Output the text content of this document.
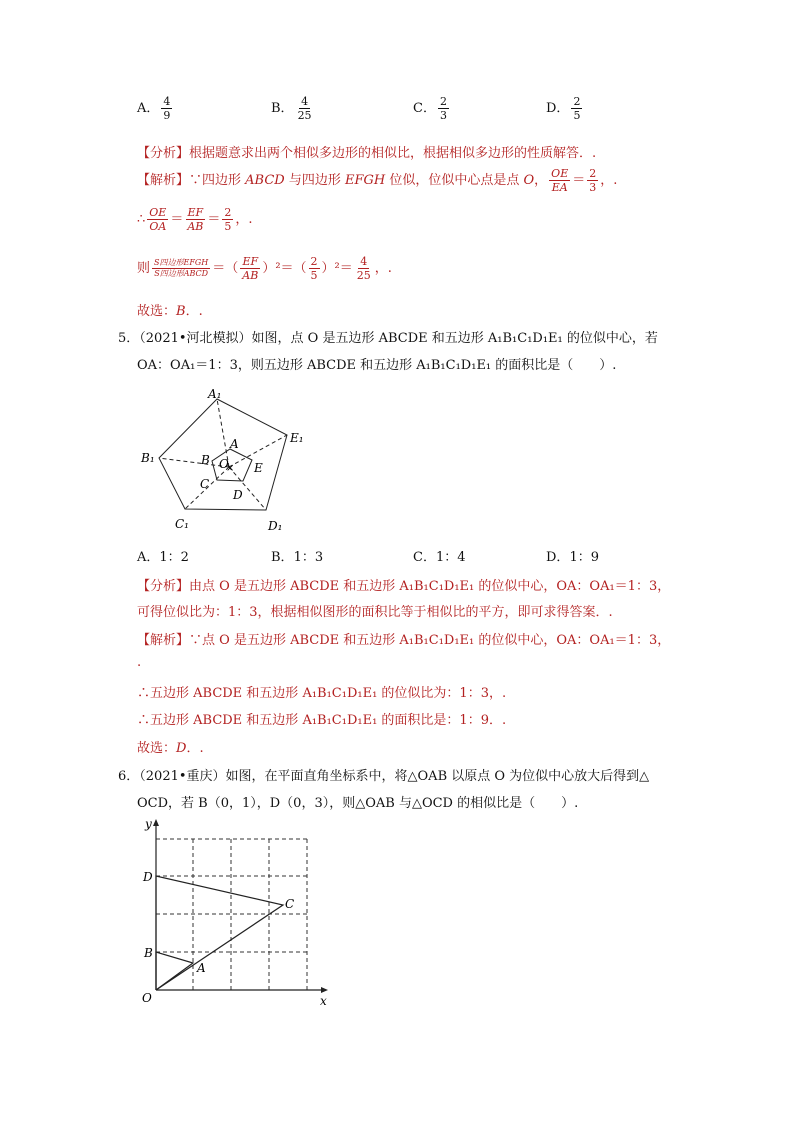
A． $\frac{4}{9}$	B． $\frac{4}{25}$	C． $\frac{2}{3}$	D． $\frac{2}{5}$
【分析】根据题意求出两个相似多边形的相似比，根据相似多边形的性质解答．.
【解析】∵四边形 ABCD 与四边形 EFGH 位似，位似中心点是点 O， $\frac{OE}{EA} = \frac{2}{3}$ ，.
∴ $\frac{OE}{OA} = \frac{EF}{AB} = \frac{2}{5}$ ，.
则 $\frac{\text{S四边形EFGH}}{\text{S四边形ABCD}}$ ＝（ $\frac{EF}{AB} )^2=( \frac{2}{5} )^2= \frac{4}{25}$ ，.
故选：B．.
5．（2021•河北模拟）如图，点 O 是五边形 ABCDE 和五边形 A₁B₁C₁D₁E₁ 的位似中心，若
OA：OA₁＝1：3，则五边形 ABCDE 和五边形 A₁B₁C₁D₁E₁ 的面积比是（　　）.
×
A₁
E₁
D₁
C₁
B₁
A
B O E
C
D
A．1：2	B．1：3	C．1：4	D．1：9
【分析】由点 O 是五边形 ABCDE 和五边形 A₁B₁C₁D₁E₁ 的位似中心，OA：OA₁＝1：3，
可得位似比为：1：3，根据相似图形的面积比等于相似比的平方，即可求得答案．.
【解析】∵点 O 是五边形 ABCDE 和五边形 A₁B₁C₁D₁E₁ 的位似中心，OA：OA₁＝1：3，
.
∴五边形 ABCDE 和五边形 A₁B₁C₁D₁E₁ 的位似比为：1：3，.
∴五边形 ABCDE 和五边形 A₁B₁C₁D₁E₁ 的面积比是：1：9．.
故选：D．.
6．（2021•重庆）如图，在平面直角坐标系中，将△OAB 以原点 O 为位似中心放大后得到△
OCD，若 B（0，1），D（0，3），则△OAB 与△OCD 的相似比是（　　）.
y
x
O
A
B
C
D
